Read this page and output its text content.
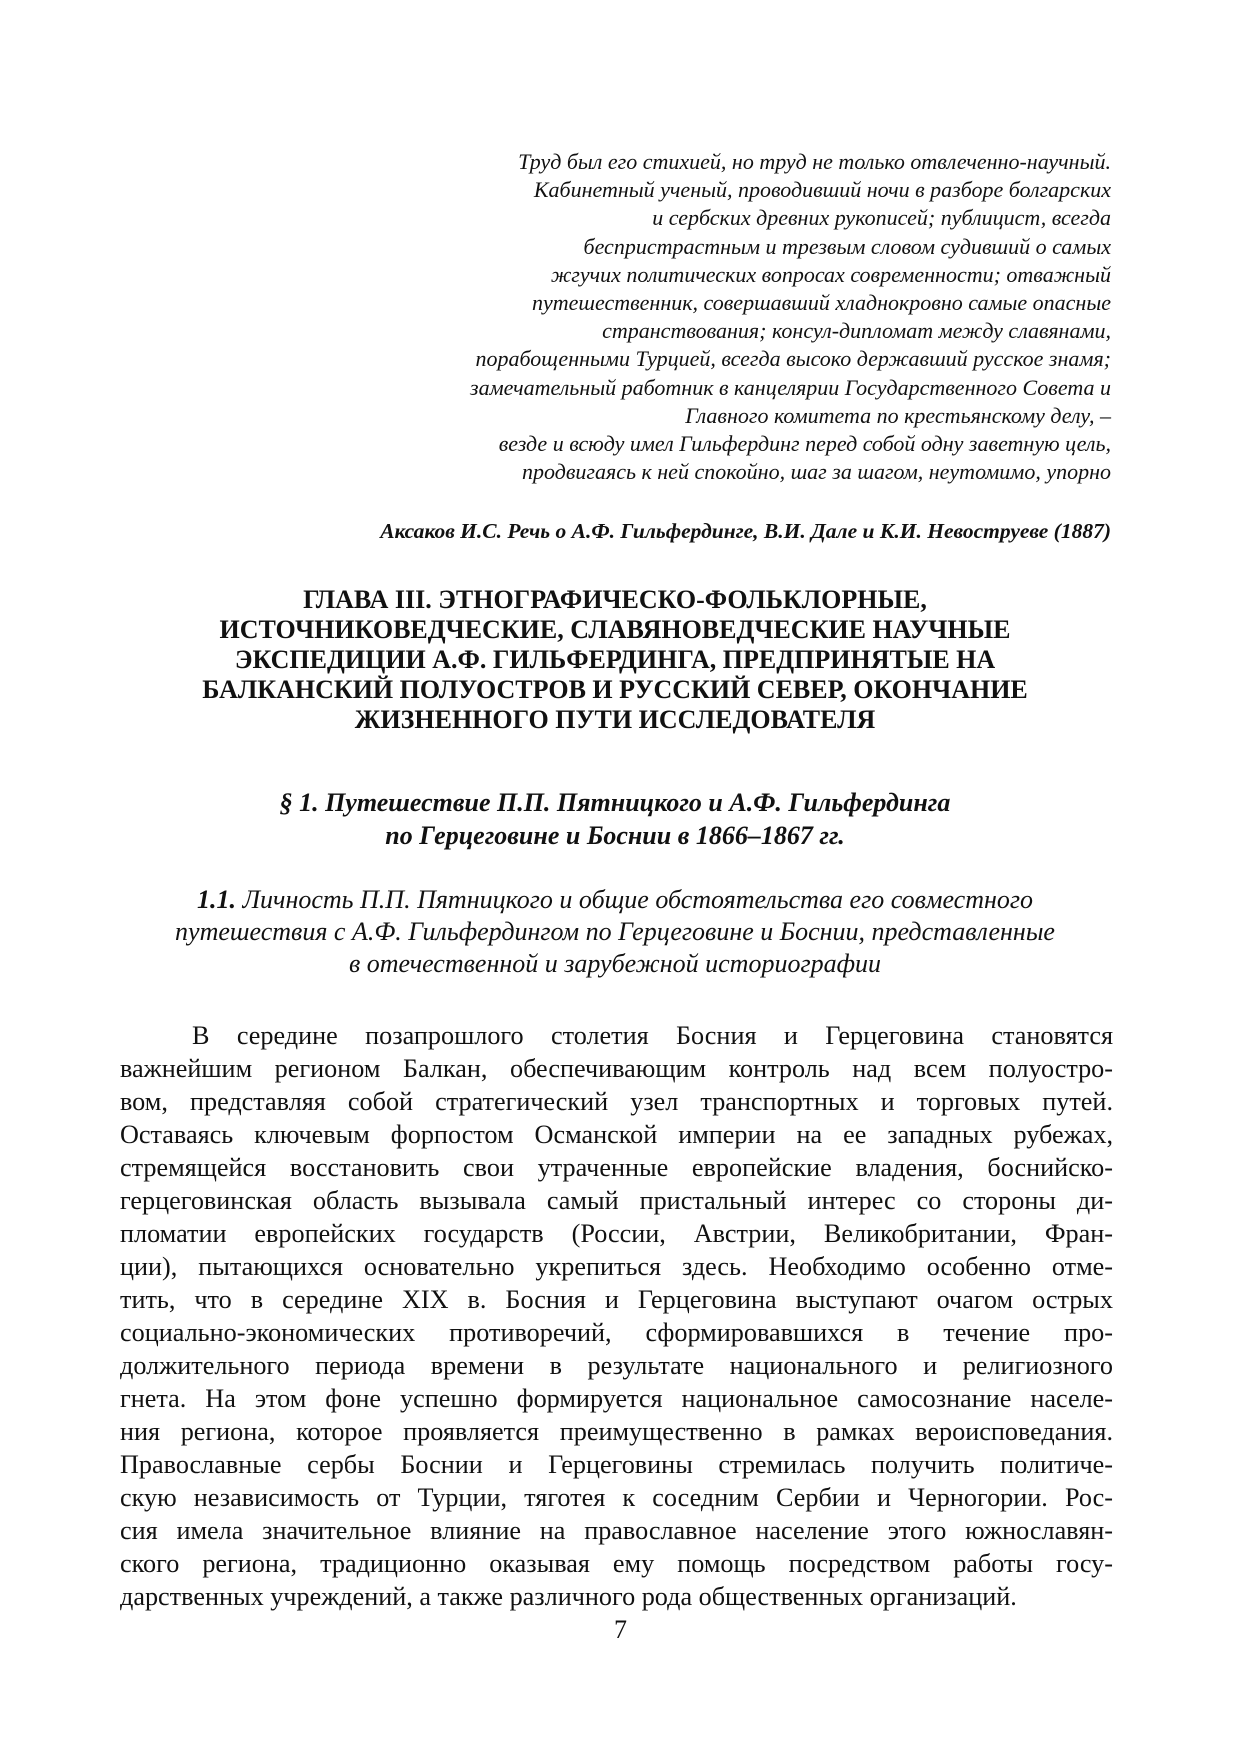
Труд был его стихией, но труд не только отвлеченно-научный.
Кабинетный ученый, проводивший ночи в разборе болгарских
и сербских древних рукописей; публицист, всегда
беспристрастным и трезвым словом судивший о самых
жгучих политических вопросах современности; отважный
путешественник, совершавший хладнокровно самые опасные
странствования; консул-дипломат между славянами,
порабощенными Турцией, всегда высоко державший русское знамя;
замечательный работник в канцелярии Государственного Совета и
Главного комитета по крестьянскому делу, –
везде и всюду имел Гильфердинг перед собой одну заветную цель,
продвигаясь к ней спокойно, шаг за шагом, неутомимо, упорно
Аксаков И.С. Речь о А.Ф. Гильфердинге, В.И. Дале и К.И. Невоструеве (1887)
ГЛАВА III. ЭТНОГРАФИЧЕСКО-ФОЛЬКЛОРНЫЕ,
ИСТОЧНИКОВЕДЧЕСКИЕ, СЛАВЯНОВЕДЧЕСКИЕ НАУЧНЫЕ
ЭКСПЕДИЦИИ А.Ф. ГИЛЬФЕРДИНГА, ПРЕДПРИНЯТЫЕ НА
БАЛКАНСКИЙ ПОЛУОСТРОВ И РУССКИЙ СЕВЕР, ОКОНЧАНИЕ
ЖИЗНЕННОГО ПУТИ ИССЛЕДОВАТЕЛЯ
§ 1. Путешествие П.П. Пятницкого и А.Ф. Гильфердинга
по Герцеговине и Боснии в 1866–1867 гг.
1.1. Личность П.П. Пятницкого и общие обстоятельства его совместного
путешествия с А.Ф. Гильфердингом по Герцеговине и Боснии, представленные
в отечественной и зарубежной историографии
В середине позапрошлого столетия Босния и Герцеговина становятся
важнейшим регионом Балкан, обеспечивающим контроль над всем полуостро-
вом, представляя собой стратегический узел транспортных и торговых путей.
Оставаясь ключевым форпостом Османской империи на ее западных рубежах,
стремящейся восстановить свои утраченные европейские владения, боснийско-
герцеговинская область вызывала самый пристальный интерес со стороны ди-
пломатии европейских государств (России, Австрии, Великобритании, Фран-
ции), пытающихся основательно укрепиться здесь. Необходимо особенно отме-
тить, что в середине XIX в. Босния и Герцеговина выступают очагом острых
социально-экономических противоречий, сформировавшихся в течение про-
должительного периода времени в результате национального и религиозного
гнета. На этом фоне успешно формируется национальное самосознание населе-
ния региона, которое проявляется преимущественно в рамках вероисповедания.
Православные сербы Боснии и Герцеговины стремилась получить политиче-
скую независимость от Турции, тяготея к соседним Сербии и Черногории. Рос-
сия имела значительное влияние на православное население этого южнославян-
ского региона, традиционно оказывая ему помощь посредством работы госу-
дарственных учреждений, а также различного рода общественных организаций.
7
